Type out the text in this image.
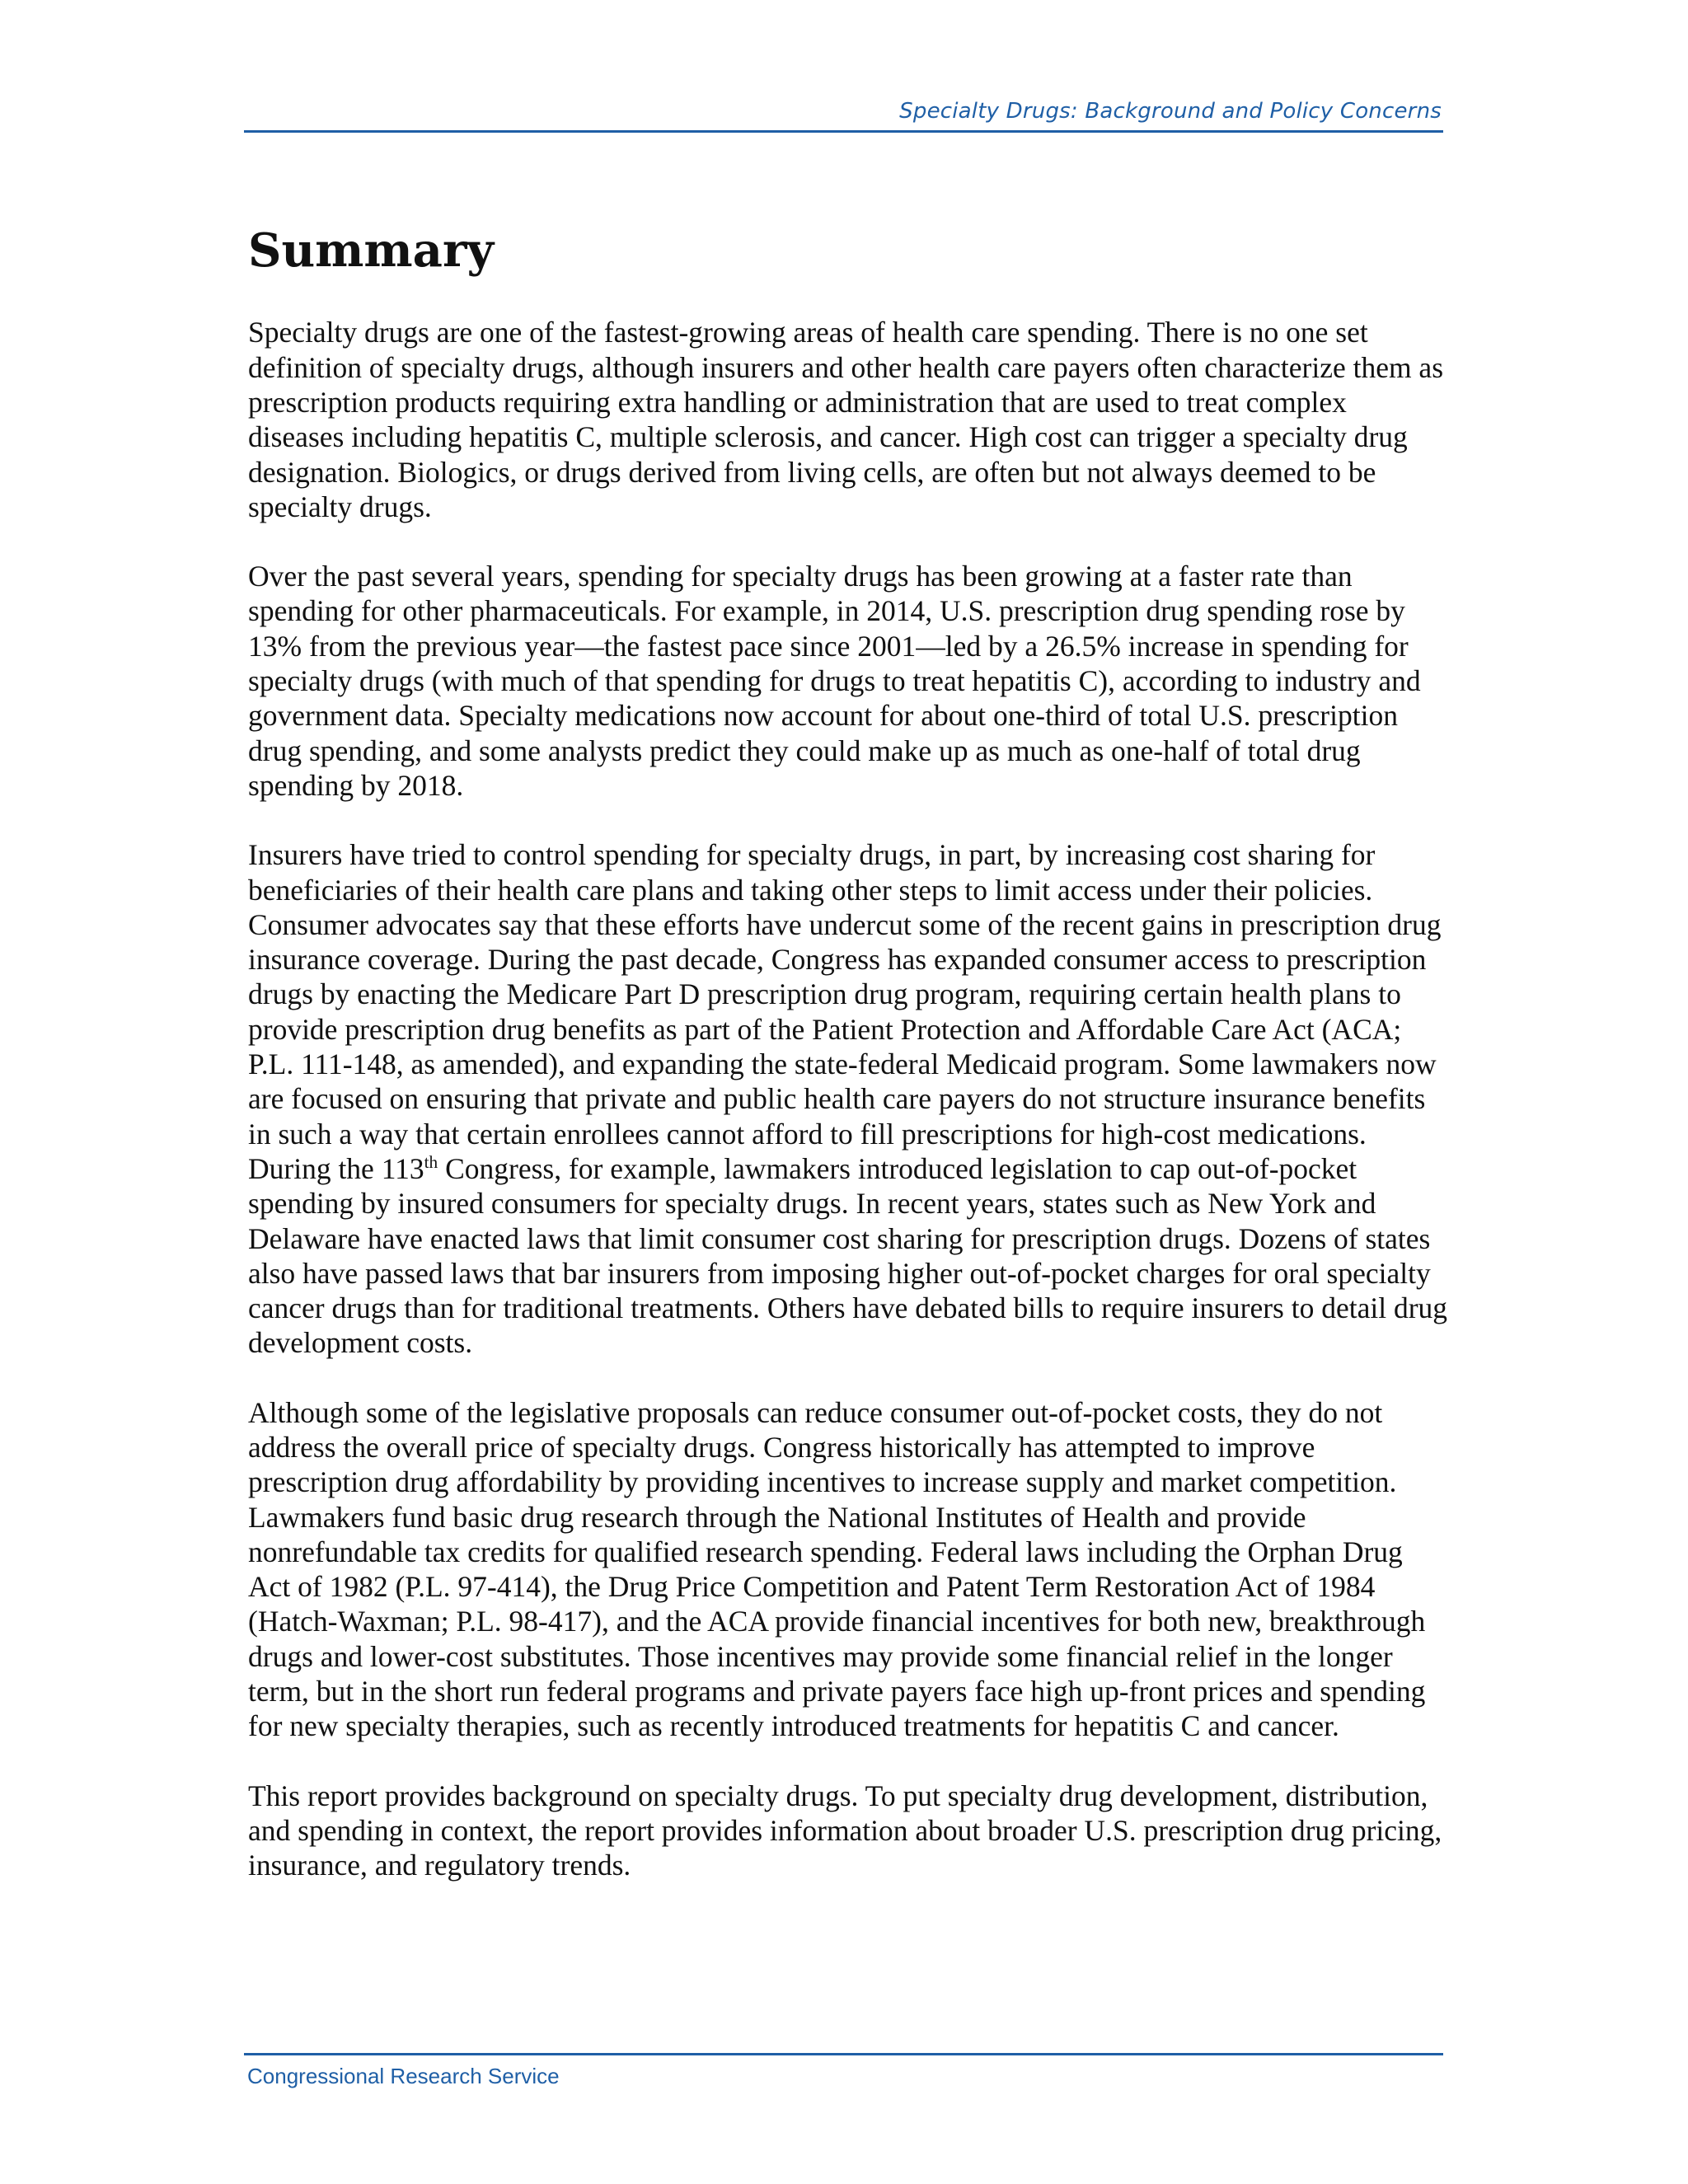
Specialty Drugs: Background and Policy Concerns
Summary

Specialty drugs are one of the fastest-growing areas of health care spending. There is no one set definition of specialty drugs, although insurers and other health care payers often characterize them as prescription products requiring extra handling or administration that are used to treat complex diseases including hepatitis C, multiple sclerosis, and cancer. High cost can trigger a specialty drug designation. Biologics, or drugs derived from living cells, are often but not always deemed to be specialty drugs.

Over the past several years, spending for specialty drugs has been growing at a faster rate than spending for other pharmaceuticals. For example, in 2014, U.S. prescription drug spending rose by 13% from the previous year—the fastest pace since 2001—led by a 26.5% increase in spending for specialty drugs (with much of that spending for drugs to treat hepatitis C), according to industry and government data. Specialty medications now account for about one-third of total U.S. prescription drug spending, and some analysts predict they could make up as much as one-half of total drug spending by 2018.

Insurers have tried to control spending for specialty drugs, in part, by increasing cost sharing for beneficiaries of their health care plans and taking other steps to limit access under their policies. Consumer advocates say that these efforts have undercut some of the recent gains in prescription drug insurance coverage. During the past decade, Congress has expanded consumer access to prescription drugs by enacting the Medicare Part D prescription drug program, requiring certain health plans to provide prescription drug benefits as part of the Patient Protection and Affordable Care Act (ACA; P.L. 111-148, as amended), and expanding the state-federal Medicaid program. Some lawmakers now are focused on ensuring that private and public health care payers do not structure insurance benefits in such a way that certain enrollees cannot afford to fill prescriptions for high-cost medications. During the 113th Congress, for example, lawmakers introduced legislation to cap out-of-pocket spending by insured consumers for specialty drugs. In recent years, states such as New York and Delaware have enacted laws that limit consumer cost sharing for prescription drugs. Dozens of states also have passed laws that bar insurers from imposing higher out-of-pocket charges for oral specialty cancer drugs than for traditional treatments. Others have debated bills to require insurers to detail drug development costs.

Although some of the legislative proposals can reduce consumer out-of-pocket costs, they do not address the overall price of specialty drugs. Congress historically has attempted to improve prescription drug affordability by providing incentives to increase supply and market competition. Lawmakers fund basic drug research through the National Institutes of Health and provide nonrefundable tax credits for qualified research spending. Federal laws including the Orphan Drug Act of 1982 (P.L. 97-414), the Drug Price Competition and Patent Term Restoration Act of 1984 (Hatch-Waxman; P.L. 98-417), and the ACA provide financial incentives for both new, breakthrough drugs and lower-cost substitutes. Those incentives may provide some financial relief in the longer term, but in the short run federal programs and private payers face high up-front prices and spending for new specialty therapies, such as recently introduced treatments for hepatitis C and cancer.

This report provides background on specialty drugs. To put specialty drug development, distribution, and spending in context, the report provides information about broader U.S. prescription drug pricing, insurance, and regulatory trends.

Congressional Research Service
